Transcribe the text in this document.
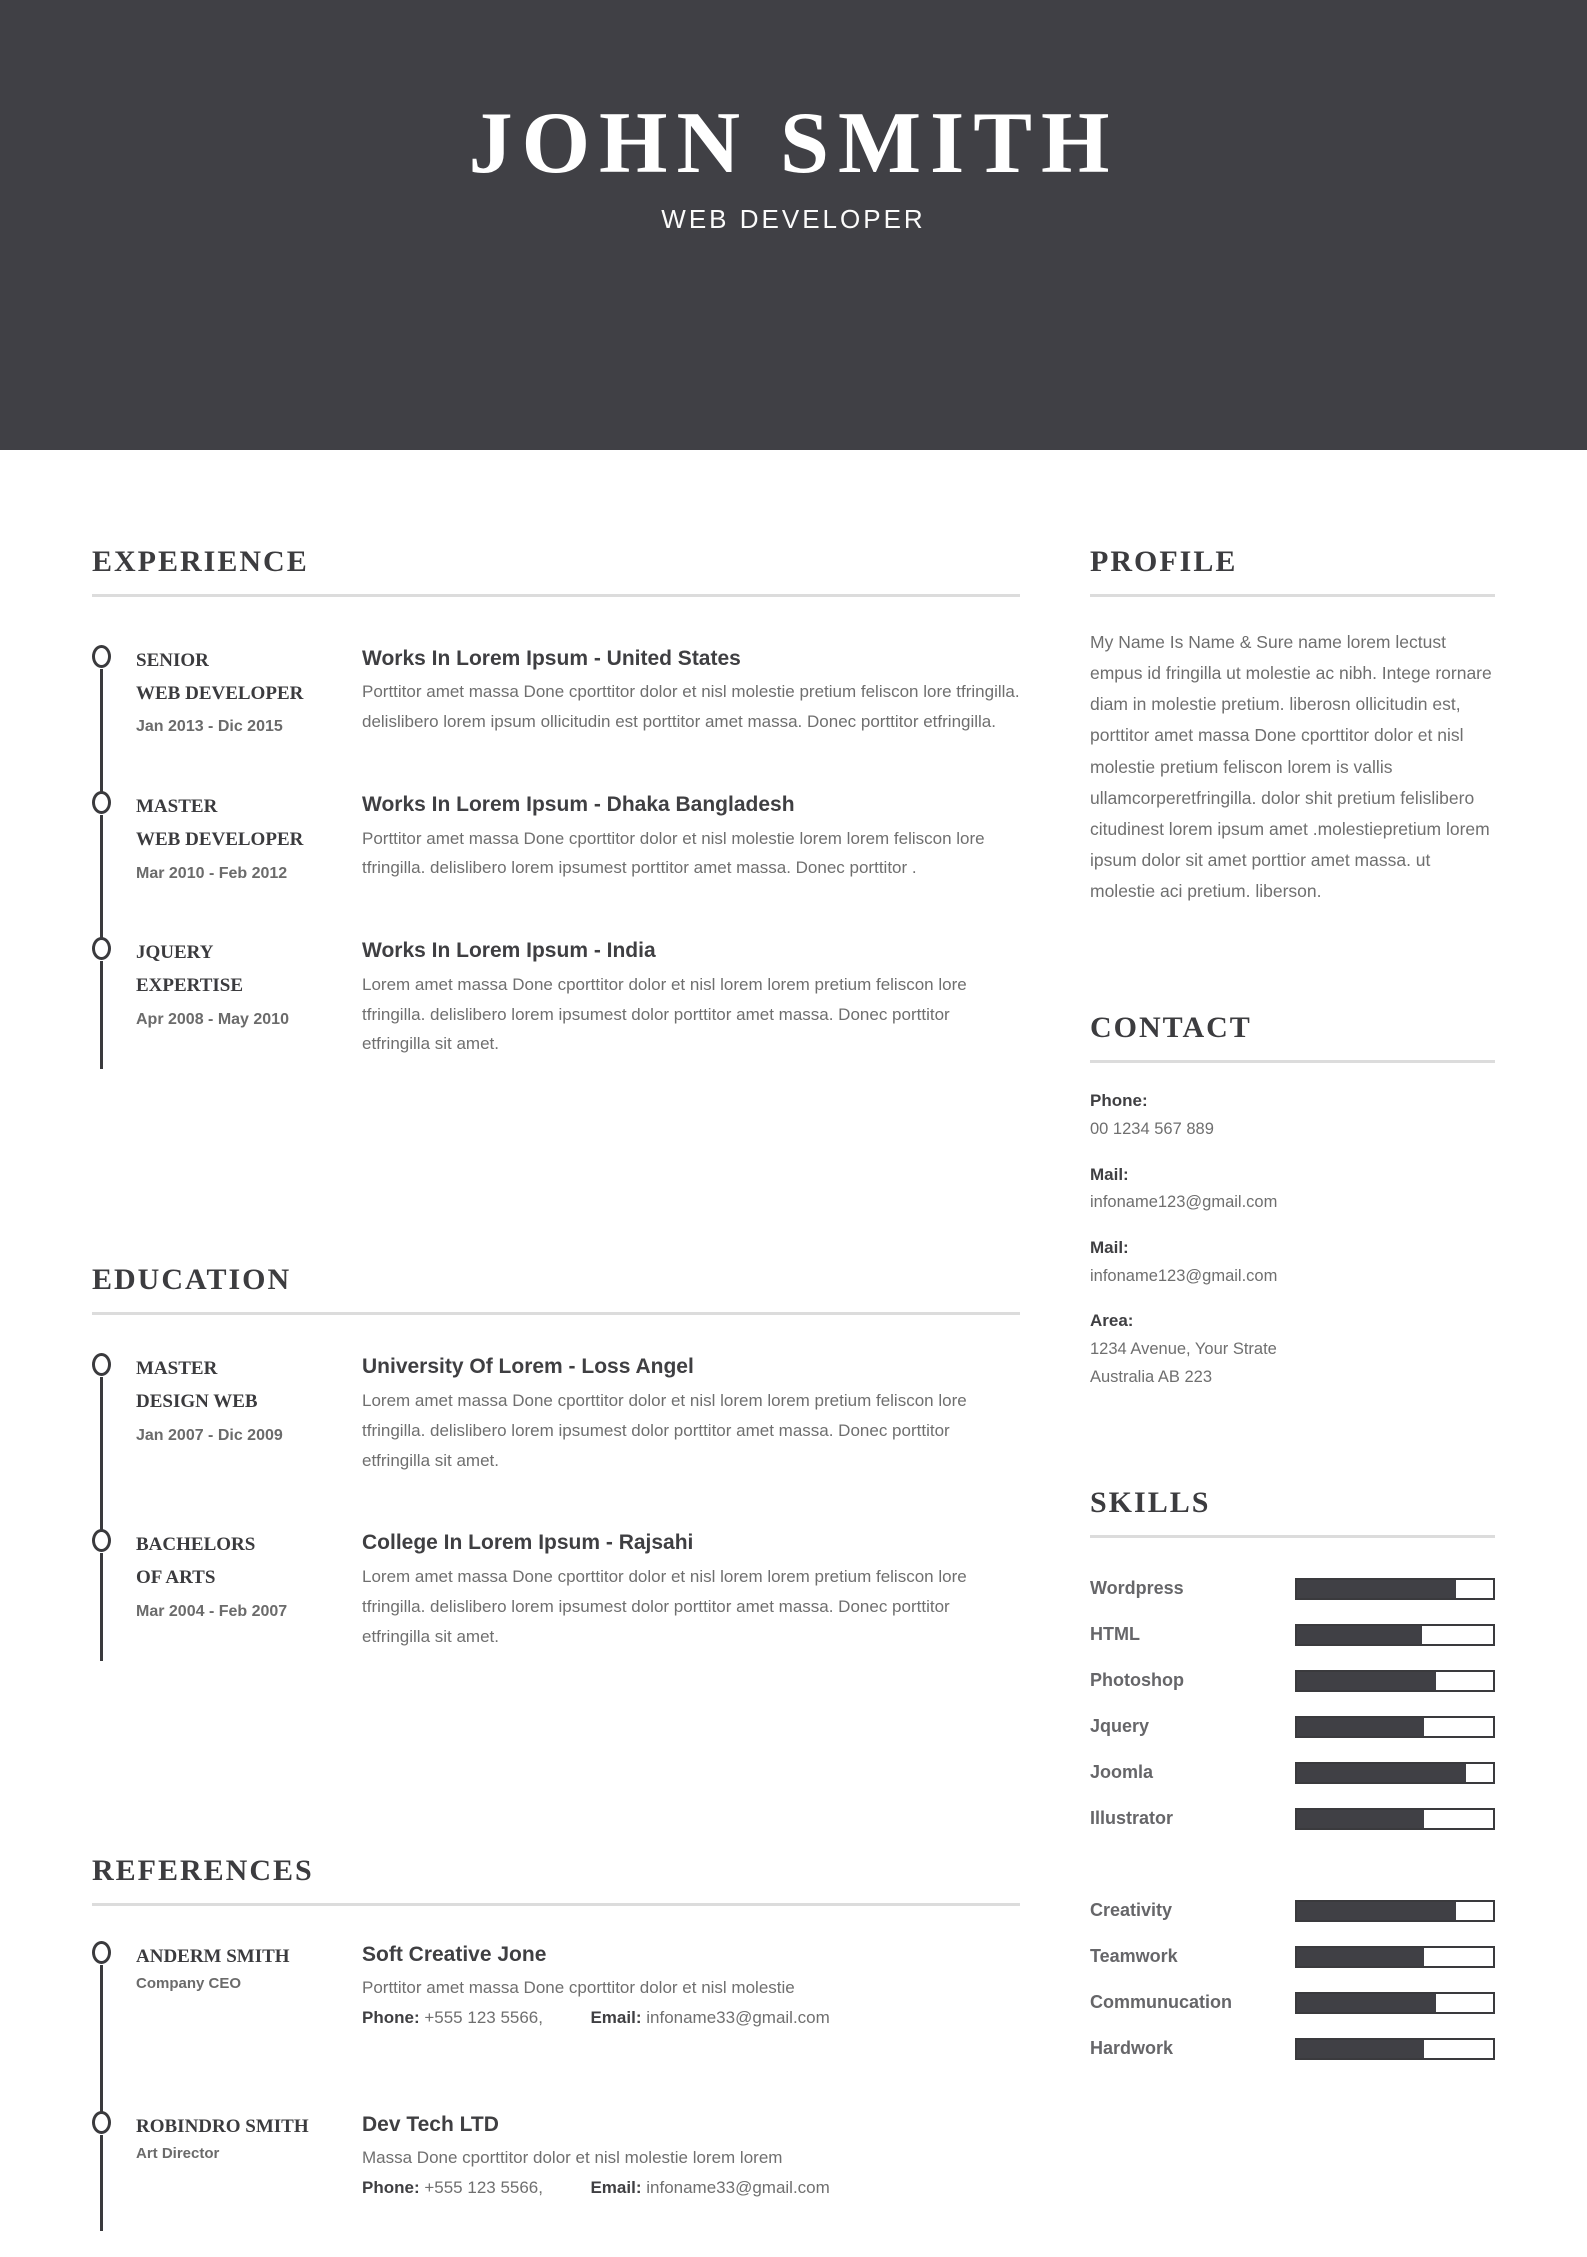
JOHN SMITH
WEB DEVELOPER
EXPERIENCE
SENIOR
WEB DEVELOPER
Jan 2013 - Dic 2015
Works In Lorem Ipsum - United States
Porttitor amet massa Done cporttitor dolor et nisl molestie pretium feliscon lore tfringilla. delislibero lorem ipsum ollicitudin est porttitor amet massa. Donec porttitor etfringilla.
MASTER
WEB DEVELOPER
Mar 2010 - Feb 2012
Works In Lorem Ipsum - Dhaka Bangladesh
Porttitor amet massa Done cporttitor dolor et nisl molestie lorem lorem feliscon lore tfringilla. delislibero lorem ipsumest porttitor amet massa. Donec porttitor .
JQUERY
EXPERTISE
Apr 2008 - May 2010
Works In Lorem Ipsum - India
Lorem amet massa Done cporttitor dolor et nisl lorem lorem pretium feliscon lore tfringilla. delislibero lorem ipsumest dolor porttitor amet massa. Donec porttitor etfringilla sit amet.
EDUCATION
MASTER
DESIGN WEB
Jan 2007 - Dic 2009
University Of Lorem - Loss Angel
Lorem amet massa Done cporttitor dolor et nisl lorem lorem pretium feliscon lore tfringilla. delislibero lorem ipsumest dolor porttitor amet massa. Donec porttitor etfringilla sit amet.
BACHELORS
OF ARTS
Mar 2004 - Feb 2007
College In Lorem Ipsum - Rajsahi
Lorem amet massa Done cporttitor dolor et nisl lorem lorem pretium feliscon lore tfringilla. delislibero lorem ipsumest dolor porttitor amet massa. Donec porttitor etfringilla sit amet.
REFERENCES
ANDERM SMITH
Company CEO
Soft Creative Jone
Porttitor amet massa Done cporttitor dolor et nisl molestie
Phone: +555 123 5566,	Email: infoname33@gmail.com
ROBINDRO SMITH
Art Director
Dev Tech LTD
Massa Done cporttitor dolor et nisl molestie lorem lorem
Phone: +555 123 5566,	Email: infoname33@gmail.com
PROFILE
My Name Is Name & Sure name lorem lectust empus id fringilla ut molestie ac nibh. Intege rornare diam in molestie pretium. liberosn ollicitudin est, porttitor amet massa Done cporttitor dolor et nisl molestie pretium feliscon lorem is vallis ullamcorperetfringilla. dolor shit pretium felislibero citudinest lorem ipsum amet .molestiepretium lorem ipsum dolor sit amet porttior amet massa. ut molestie aci pretium. liberson.
CONTACT
Phone:
00 1234 567 889
Mail:
infoname123@gmail.com
Mail:
infoname123@gmail.com
Area:
1234 Avenue, Your Strate
Australia AB 223
SKILLS
Wordpress
HTML
Photoshop
Jquery
Joomla
Illustrator
Creativity
Teamwork
Communucation
Hardwork
